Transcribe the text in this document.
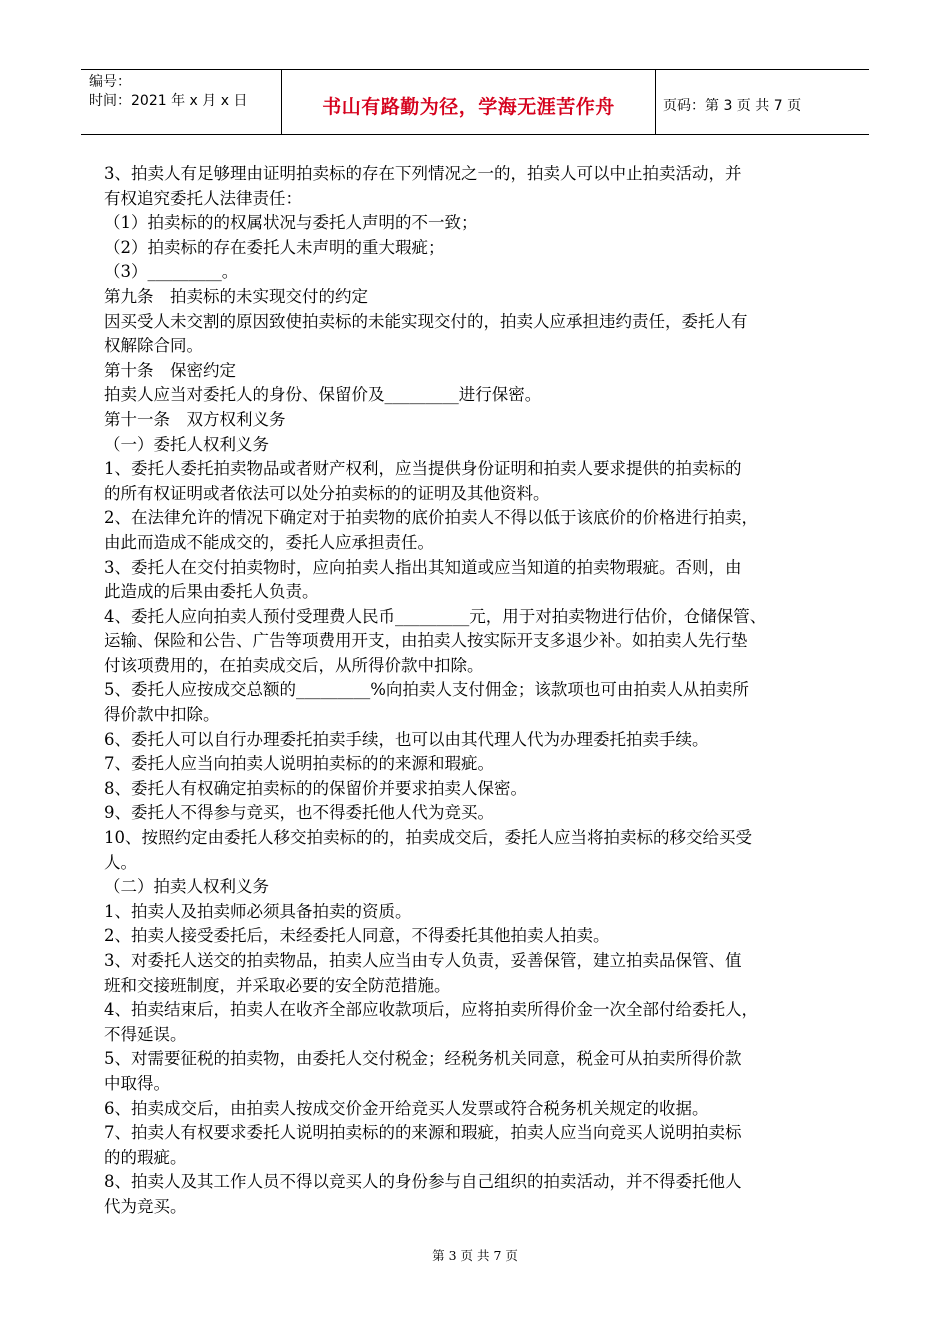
编号：
时间：2021 年 x 月 x 日	书山有路勤为径，学海无涯苦作舟	页码：第 3 页 共 7 页
3、拍卖人有足够理由证明拍卖标的存在下列情况之一的，拍卖人可以中止拍卖活动，并
有权追究委托人法律责任：
（1）拍卖标的的权属状况与委托人声明的不一致；
（2）拍卖标的存在委托人未声明的重大瑕疵；
（3）_________。
第九条　拍卖标的未实现交付的约定
因买受人未交割的原因致使拍卖标的未能实现交付的，拍卖人应承担违约责任，委托人有
权解除合同。
第十条　保密约定
拍卖人应当对委托人的身份、保留价及_________进行保密。
第十一条　双方权利义务
（一）委托人权利义务
1、委托人委托拍卖物品或者财产权利，应当提供身份证明和拍卖人要求提供的拍卖标的
的所有权证明或者依法可以处分拍卖标的的证明及其他资料。
2、在法律允许的情况下确定对于拍卖物的底价拍卖人不得以低于该底价的价格进行拍卖，
由此而造成不能成交的，委托人应承担责任。
3、委托人在交付拍卖物时，应向拍卖人指出其知道或应当知道的拍卖物瑕疵。否则，由
此造成的后果由委托人负责。
4、委托人应向拍卖人预付受理费人民币_________元，用于对拍卖物进行估价，仓储保管、
运输、保险和公告、广告等项费用开支，由拍卖人按实际开支多退少补。如拍卖人先行垫
付该项费用的，在拍卖成交后，从所得价款中扣除。
5、委托人应按成交总额的_________%向拍卖人支付佣金；该款项也可由拍卖人从拍卖所
得价款中扣除。
6、委托人可以自行办理委托拍卖手续，也可以由其代理人代为办理委托拍卖手续。
7、委托人应当向拍卖人说明拍卖标的的来源和瑕疵。
8、委托人有权确定拍卖标的的保留价并要求拍卖人保密。
9、委托人不得参与竞买，也不得委托他人代为竞买。
10、按照约定由委托人移交拍卖标的的，拍卖成交后，委托人应当将拍卖标的移交给买受
人。
（二）拍卖人权利义务
1、拍卖人及拍卖师必须具备拍卖的资质。
2、拍卖人接受委托后，未经委托人同意，不得委托其他拍卖人拍卖。
3、对委托人送交的拍卖物品，拍卖人应当由专人负责，妥善保管，建立拍卖品保管、值
班和交接班制度，并采取必要的安全防范措施。
4、拍卖结束后，拍卖人在收齐全部应收款项后，应将拍卖所得价金一次全部付给委托人，
不得延误。
5、对需要征税的拍卖物，由委托人交付税金；经税务机关同意，税金可从拍卖所得价款
中取得。
6、拍卖成交后，由拍卖人按成交价金开给竞买人发票或符合税务机关规定的收据。
7、拍卖人有权要求委托人说明拍卖标的的来源和瑕疵，拍卖人应当向竞买人说明拍卖标
的的瑕疵。
8、拍卖人及其工作人员不得以竞买人的身份参与自己组织的拍卖活动，并不得委托他人
代为竞买。
第 3 页 共 7 页
